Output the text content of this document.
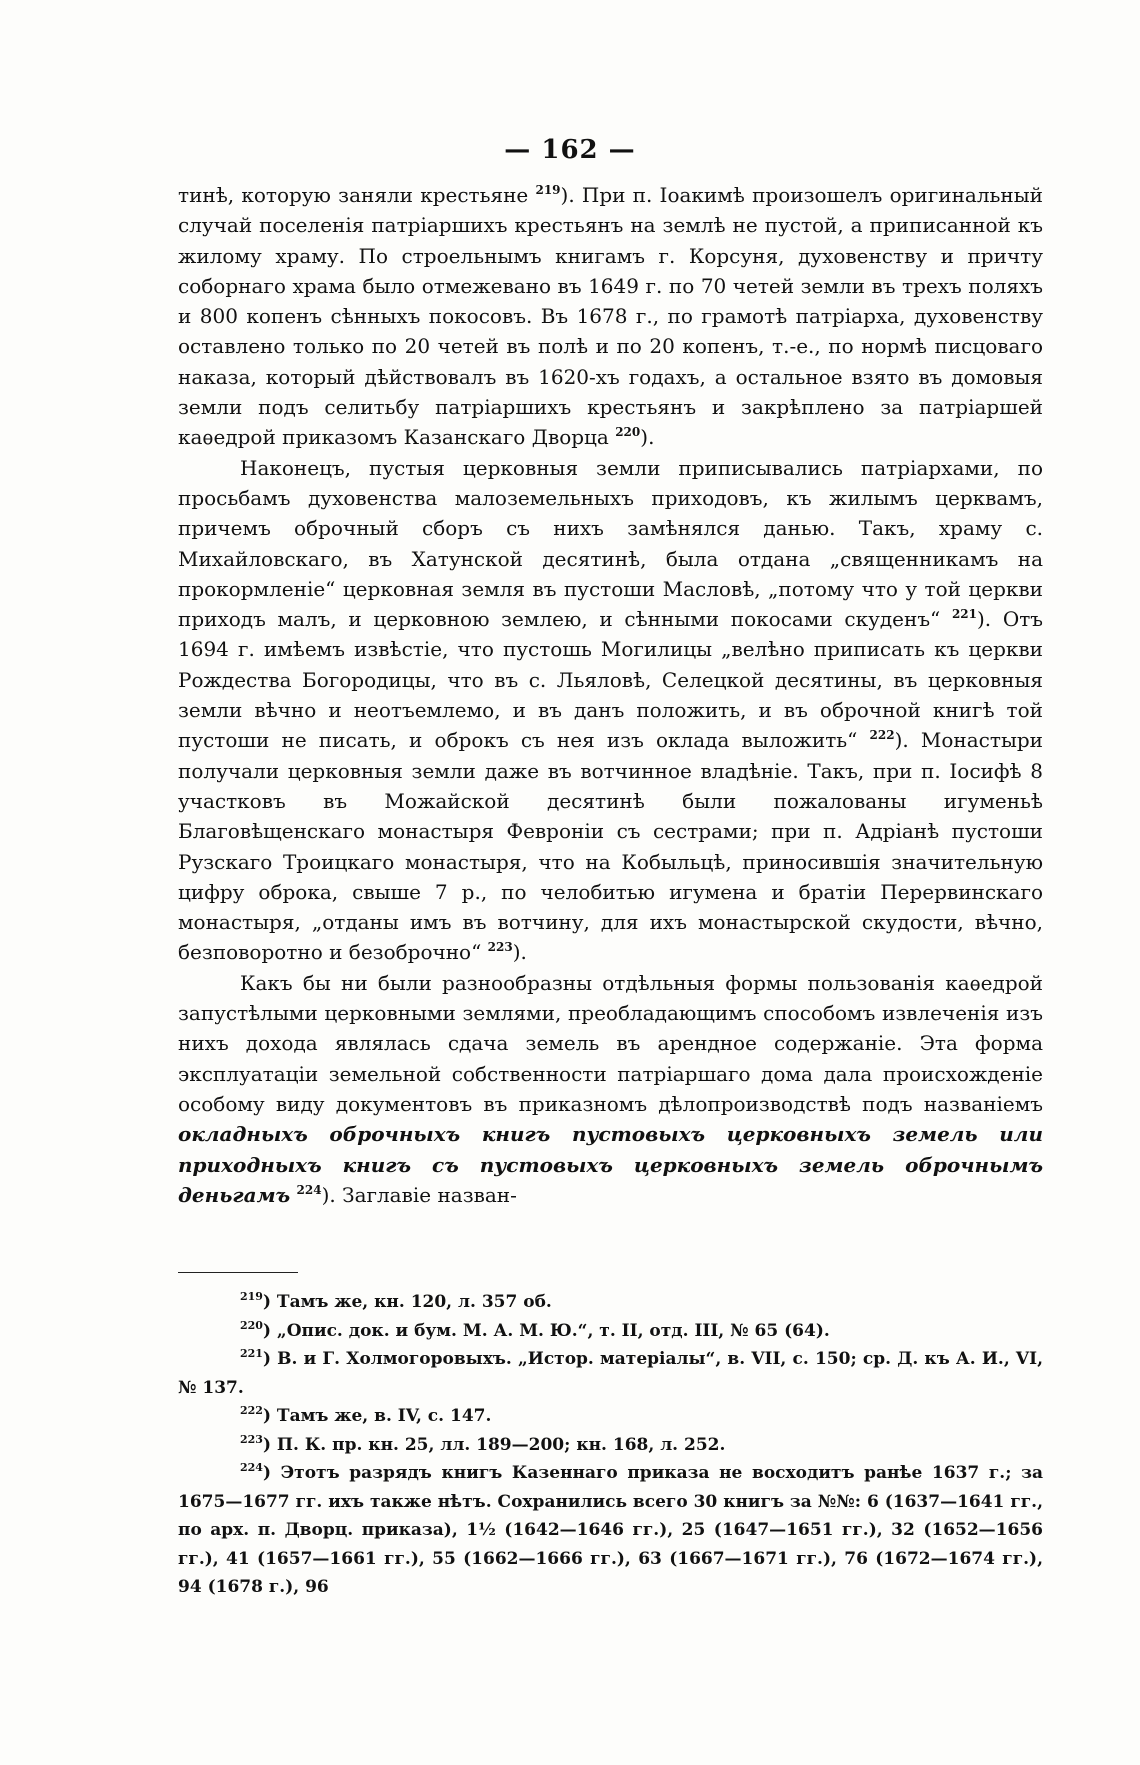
— 162 —

тинѣ, которую заняли крестьяне $^{219}$). При п. Іоакимѣ произошелъ оригинальный случай поселенія патріаршихъ крестьянъ на землѣ не пустой, а приписанной къ жилому храму. По строельнымъ книгамъ г. Корсуня, духовенству и причту соборнаго храма было отмежевано въ 1649 г. по 70 четей земли въ трехъ поляхъ и 800 копенъ сѣнныхъ покосовъ. Въ 1678 г., по грамотѣ патріарха, духовенству оставлено только по 20 четей въ полѣ и по 20 копенъ, т.-е., по нормѣ писцоваго наказа, который дѣйствовалъ въ 1620-хъ годахъ, а остальное взято въ домовыя земли подъ селитьбу патріаршихъ крестьянъ и закрѣплено за патріаршей каѳедрой приказомъ Казанскаго Дворца $^{220}$).

Наконецъ, пустыя церковныя земли приписывались патріархами, по просьбамъ духовенства малоземельныхъ приходовъ, къ жилымъ церквамъ, причемъ оброчный сборъ съ нихъ замѣнялся данью. Такъ, храму с. Михайловскаго, въ Хатунской десятинѣ, была отдана „священникамъ на прокормленіе“ церковная земля въ пустоши Масловѣ, „потому что у той церкви приходъ малъ, и церковною землею, и сѣнными покосами скуденъ“ $^{221}$). Отъ 1694 г. имѣемъ извѣстіе, что пустошь Могилицы „велѣно приписать къ церкви Рождества Богородицы, что въ с. Льяловѣ, Селецкой десятины, въ церковныя земли вѣчно и неотъемлемо, и въ данъ положить, и въ оброчной книгѣ той пустоши не писать, и оброкъ съ нея изъ оклада выложить“ $^{222}$). Монастыри получали церковныя земли даже въ вотчинное владѣніе. Такъ, при п. Іосифѣ 8 участковъ въ Можайской десятинѣ были пожалованы игуменьѣ Благовѣщенскаго монастыря Февроніи съ сестрами; при п. Адріанѣ пустоши Рузскаго Троицкаго монастыря, что на Кобыльцѣ, приносившія значительную цифру оброка, свыше 7 р., по челобитью игумена и братіи Перервинскаго монастыря, „отданы имъ въ вотчину, для ихъ монастырской скудости, вѣчно, безповоротно и безоброчно“ $^{223}$).

Какъ бы ни были разнообразны отдѣльныя формы пользованія каѳедрой запустѣлыми церковными землями, преобладающимъ способомъ извлеченія изъ нихъ дохода являлась сдача земель въ арендное содержаніе. Эта форма эксплуатаціи земельной собственности патріаршаго дома дала происхожденіе особому виду документовъ въ приказномъ дѣлопроизводствѣ подъ названіемъ окладныхъ оброчныхъ книгъ пустовыхъ церковныхъ земель или приходныхъ книгъ съ пустовыхъ церковныхъ земель оброчнымъ деньгамъ $^{224}$). Заглавіе назван-

$^{219}$) Тамъ же, кн. 120, л. 357 об.

$^{220}$) „Опис. док. и бум. М. А. М. Ю.“, т. II, отд. III, № 65 (64).

$^{221}$) В. и Г. Холмогоровыхъ. „Истор. матеріалы“, в. VII, с. 150; ср. Д. къ А. И., VI, № 137.

$^{222}$) Тамъ же, в. IV, с. 147.

$^{223}$) П. К. пр. кн. 25, лл. 189—200; кн. 168, л. 252.

$^{224}$) Этотъ разрядъ книгъ Казеннаго приказа не восходитъ ранѣе 1637 г.; за 1675—1677 гг. ихъ также нѣтъ. Сохранились всего 30 книгъ за №№: 6 (1637—1641 гг., по арх. п. Дворц. приказа), 1½ (1642—1646 гг.), 25 (1647—1651 гг.), 32 (1652—1656 гг.), 41 (1657—1661 гг.), 55 (1662—1666 гг.), 63 (1667—1671 гг.), 76 (1672—1674 гг.), 94 (1678 г.), 96
